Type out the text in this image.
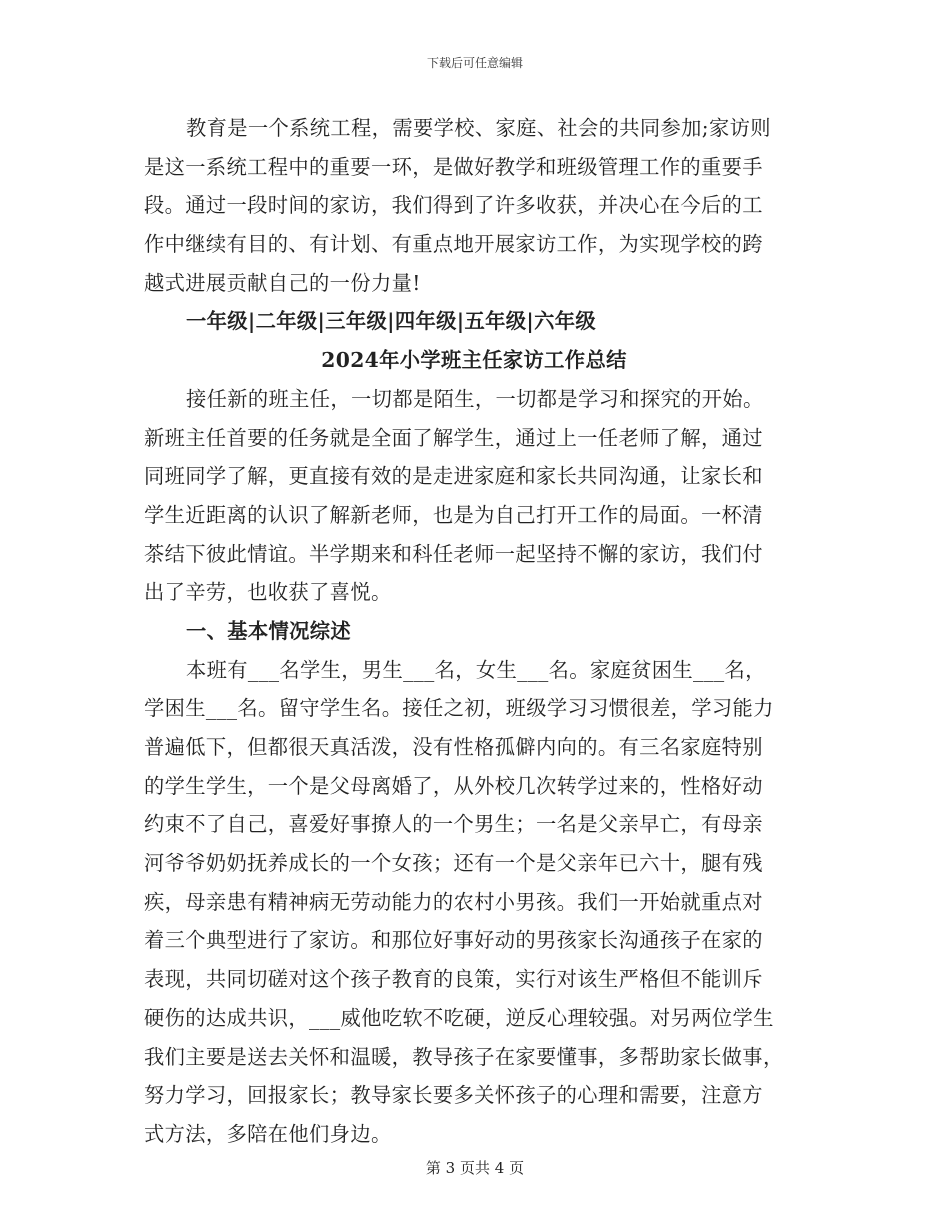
下载后可任意编辑
教育是一个系统工程，需要学校、家庭、社会的共同参加;家访则
是这一系统工程中的重要一环，是做好教学和班级管理工作的重要手
段。通过一段时间的家访，我们得到了许多收获，并决心在今后的工
作中继续有目的、有计划、有重点地开展家访工作，为实现学校的跨
越式进展贡献自己的一份力量!
一年级|二年级|三年级|四年级|五年级|六年级
2024年小学班主任家访工作总结
接任新的班主任，一切都是陌生，一切都是学习和探究的开始。
新班主任首要的任务就是全面了解学生，通过上一任老师了解，通过
同班同学了解，更直接有效的是走进家庭和家长共同沟通，让家长和
学生近距离的认识了解新老师，也是为自己打开工作的局面。一杯清
茶结下彼此情谊。半学期来和科任老师一起坚持不懈的家访，我们付
出了辛劳，也收获了喜悦。
一、基本情况综述
本班有___名学生，男生___名，女生___名。家庭贫困生___名，
学困生___名。留守学生名。接任之初，班级学习习惯很差，学习能力
普遍低下，但都很天真活泼，没有性格孤僻内向的。有三名家庭特别
的学生学生，一个是父母离婚了，从外校几次转学过来的，性格好动
约束不了自己，喜爱好事撩人的一个男生；一名是父亲早亡，有母亲
河爷爷奶奶抚养成长的一个女孩；还有一个是父亲年已六十，腿有残
疾，母亲患有精神病无劳动能力的农村小男孩。我们一开始就重点对
着三个典型进行了家访。和那位好事好动的男孩家长沟通孩子在家的
表现，共同切磋对这个孩子教育的良策，实行对该生严格但不能训斥
硬伤的达成共识，___威他吃软不吃硬，逆反心理较强。对另两位学生
我们主要是送去关怀和温暖，教导孩子在家要懂事，多帮助家长做事，
努力学习，回报家长；教导家长要多关怀孩子的心理和需要，注意方
式方法，多陪在他们身边。
第 3 页共 4 页
